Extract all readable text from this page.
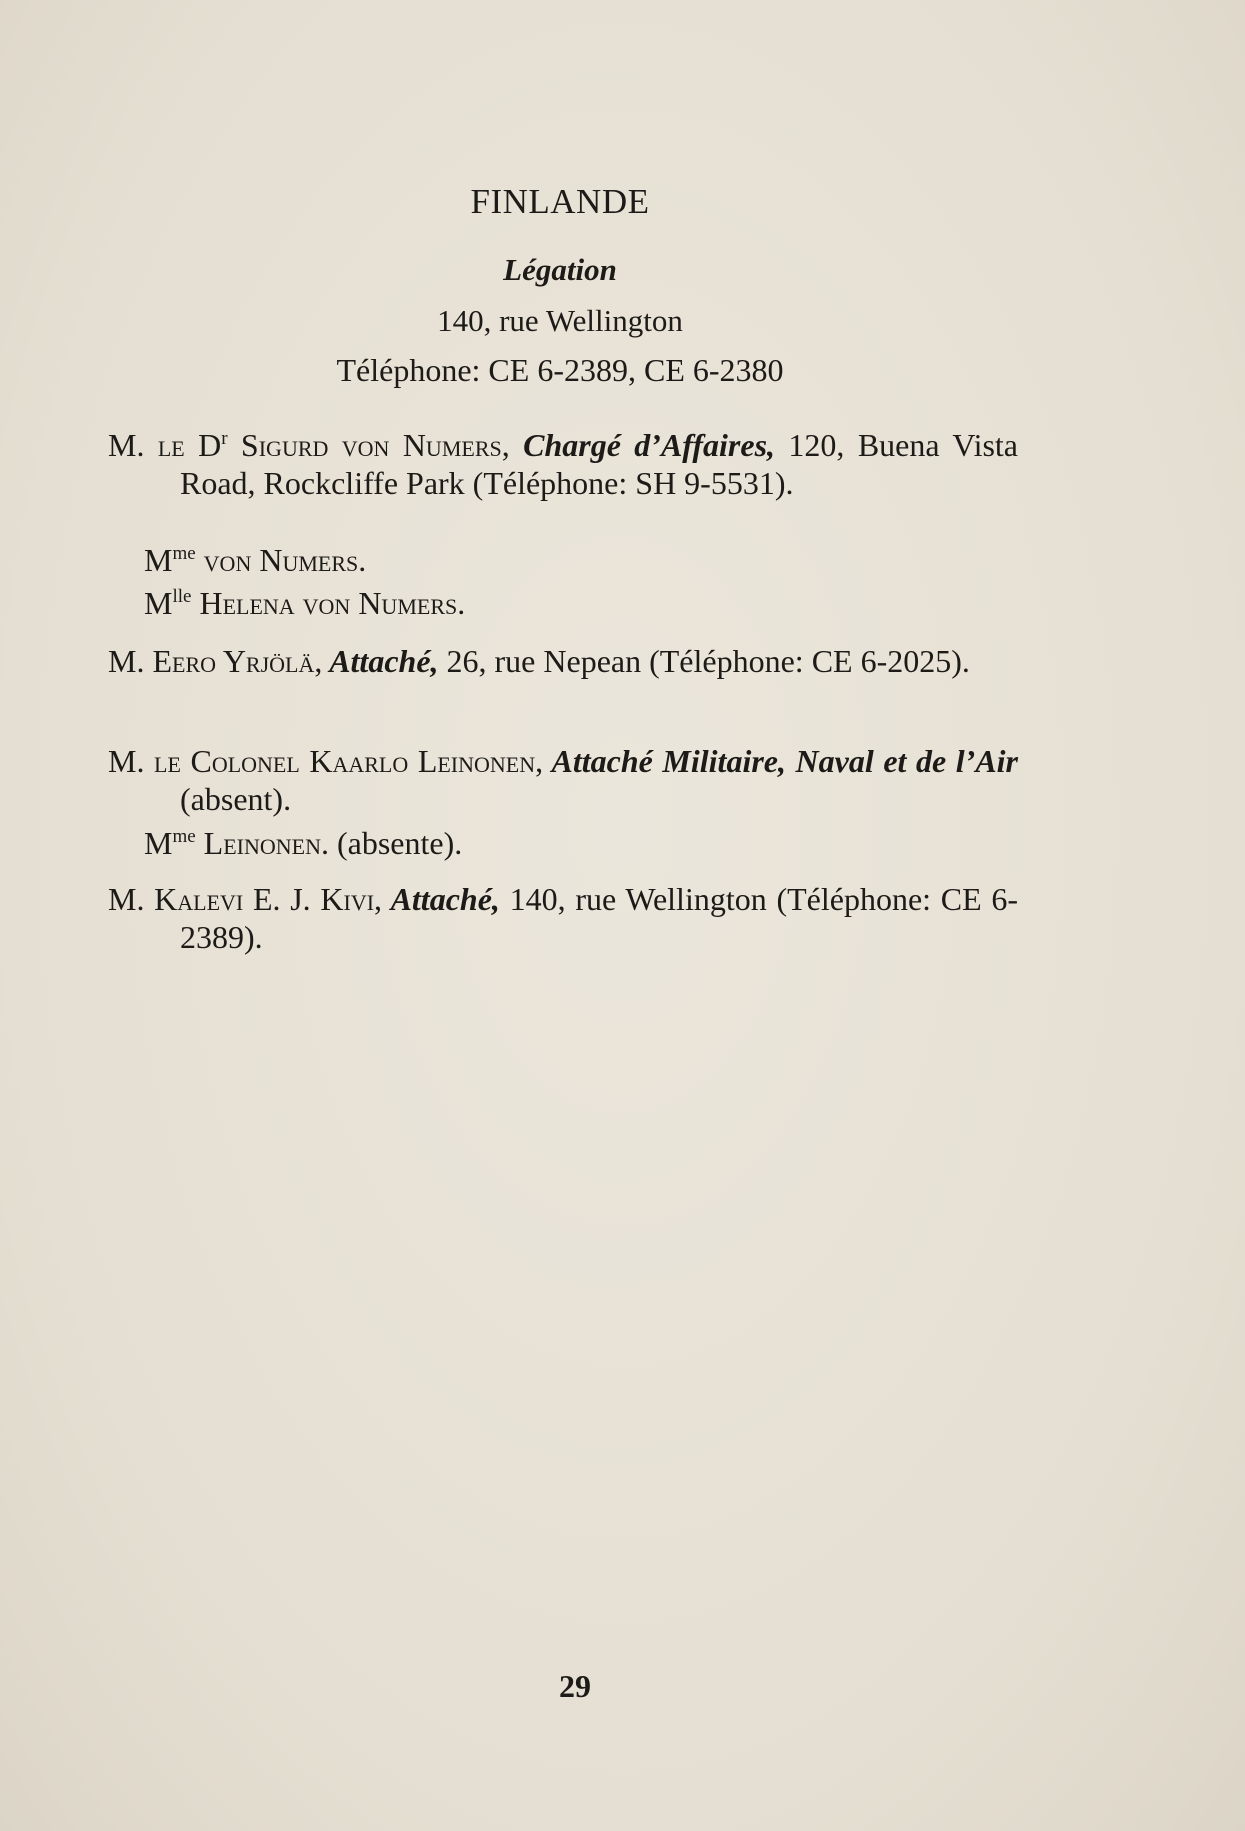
FINLANDE
Légation
140, rue Wellington
Téléphone: CE 6-2389, CE 6-2380
M. le $D^r$ Sigurd von Numers, Chargé d’Affaires, 120, Buena Vista Road, Rockcliffe Park (Téléphone: SH 9-5531).
$M^{me}$ von Numers.
$M^{lle}$ Helena von Numers.
M. Eero Yrjölä, Attaché, 26, rue Nepean (Téléphone: CE 6-2025).
M. le Colonel Kaarlo Leinonen, Attaché Militaire, Naval et de l’Air (absent).
$M^{me}$ Leinonen. (absente).
M. Kalevi E. J. Kivi, Attaché, 140, rue Wellington (Téléphone: CE 6-2389).
29
